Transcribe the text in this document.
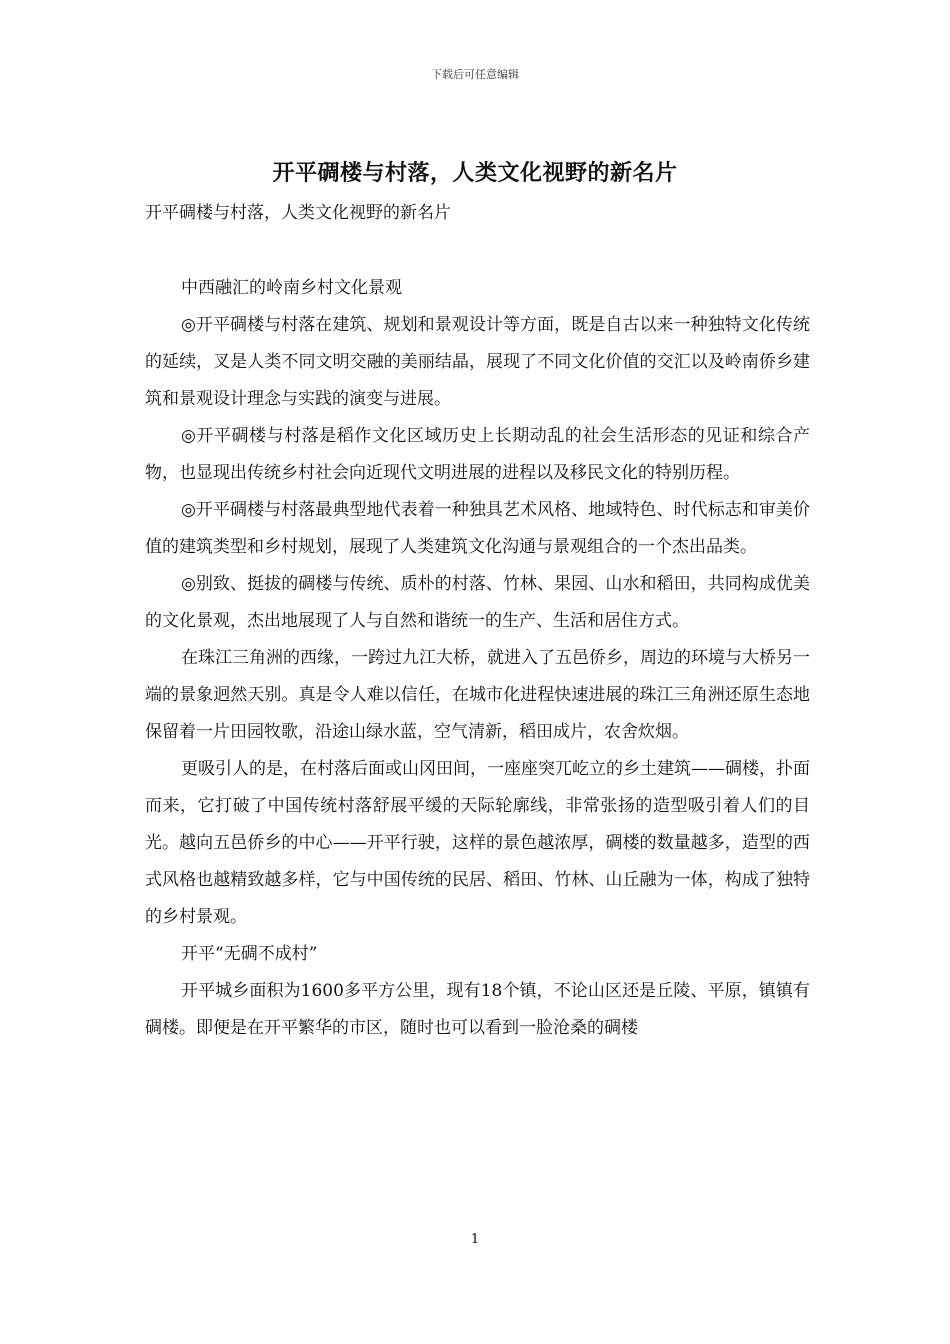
下载后可任意编辑
开平碉楼与村落，人类文化视野的新名片

开平碉楼与村落，人类文化视野的新名片

中西融汇的岭南乡村文化景观

◎开平碉楼与村落在建筑、规划和景观设计等方面，既是自古以来一种独特文化传统的延续，叉是人类不同文明交融的美丽结晶，展现了不同文化价值的交汇以及岭南侨乡建筑和景观设计理念与实践的演变与进展。

◎开平碉楼与村落是稻作文化区域历史上长期动乱的社会生活形态的见证和综合产物，也显现出传统乡村社会向近现代文明进展的进程以及移民文化的特别历程。

◎开平碉楼与村落最典型地代表着一种独具艺术风格、地域特色、时代标志和审美价值的建筑类型和乡村规划，展现了人类建筑文化沟通与景观组合的一个杰出品类。

◎别致、挺拔的碉楼与传统、质朴的村落、竹林、果园、山水和稻田，共同构成优美的文化景观，杰出地展现了人与自然和谐统一的生产、生活和居住方式。

在珠江三角洲的西缘，一跨过九江大桥，就进入了五邑侨乡，周边的环境与大桥另一端的景象迥然天别。真是令人难以信任，在城市化进程快速进展的珠江三角洲还原生态地保留着一片田园牧歌，沿途山绿水蓝，空气清新，稻田成片，农舍炊烟。

更吸引人的是，在村落后面或山冈田间，一座座突兀屹立的乡土建筑——碉楼，扑面而来，它打破了中国传统村落舒展平缓的天际轮廓线，非常张扬的造型吸引着人们的目光。越向五邑侨乡的中心——开平行驶，这样的景色越浓厚，碉楼的数量越多，造型的西式风格也越精致越多样，它与中国传统的民居、稻田、竹林、山丘融为一体，构成了独特的乡村景观。

开平“无碉不成村”

开平城乡面积为1600多平方公里，现有18个镇，不论山区还是丘陵、平原，镇镇有碉楼。即便是在开平繁华的市区，随时也可以看到一脸沧桑的碉楼

1
